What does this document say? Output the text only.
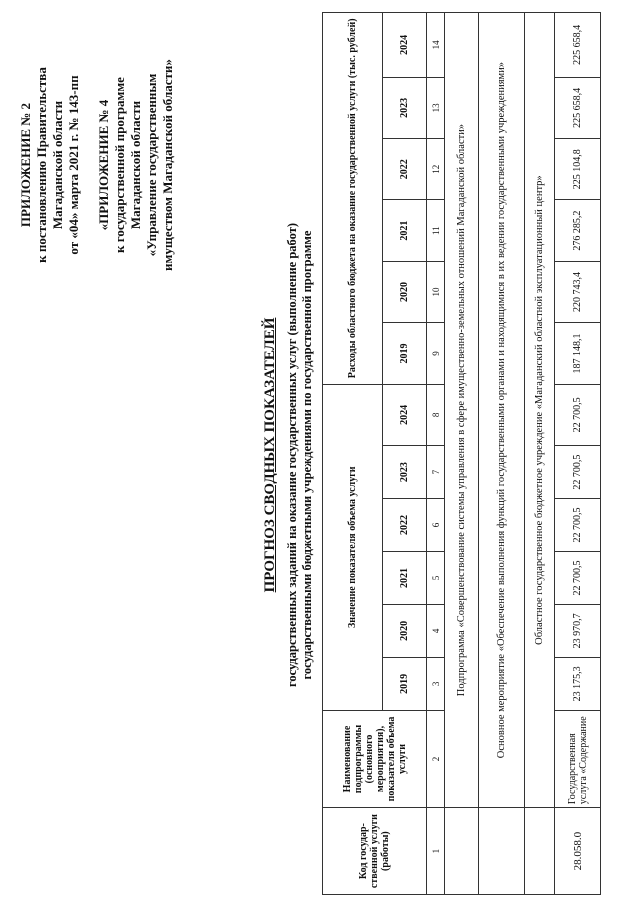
ПРИЛОЖЕНИЕ № 2 к постановлению Правительства Магаданской области от «04» марта 2021 г. № 143-пп «ПРИЛОЖЕНИЕ № 4 к государственной программе Магаданской области «Управление государственным имуществом Магаданской области»
ПРОГНОЗ СВОДНЫХ ПОКАЗАТЕЛЕЙ государственных заданий на оказание государственных услуг (выполнение работ) государственными бюджетными учреждениями по государственной программе
Код государ-ственной услуги (работы)	Наименование подпрограммы (основного мероприятия), показателя объема услуги	Значение показателя объема услуги						Расходы областного бюджета на оказание государственной услуги (тыс. рублей)					
		2019	2020	2021	2022	2023	2024	2019	2020	2021	2022	2023	2024
1	2	3	4	5	6	7	8	9	10	11	12	13	14
	Подпрограмма «Совершенствование системы управления в сфере имущественно-земельных отношений Магаданской области»												
	Основное мероприятие «Обеспечение выполнения функций государственными органами и находящимися в их ведении государственными учреждениями»												
	Областное государственное бюджетное учреждение «Магаданский областной эксплуатационный центр»												
28.058.0	Государственная услуга «Содержание	23 175,3	23 970,7	22 700,5	22 700,5	22 700,5	22 700,5	187 148,1	220 743,4	276 285,2	225 104,8	225 658,4	225 658,4
